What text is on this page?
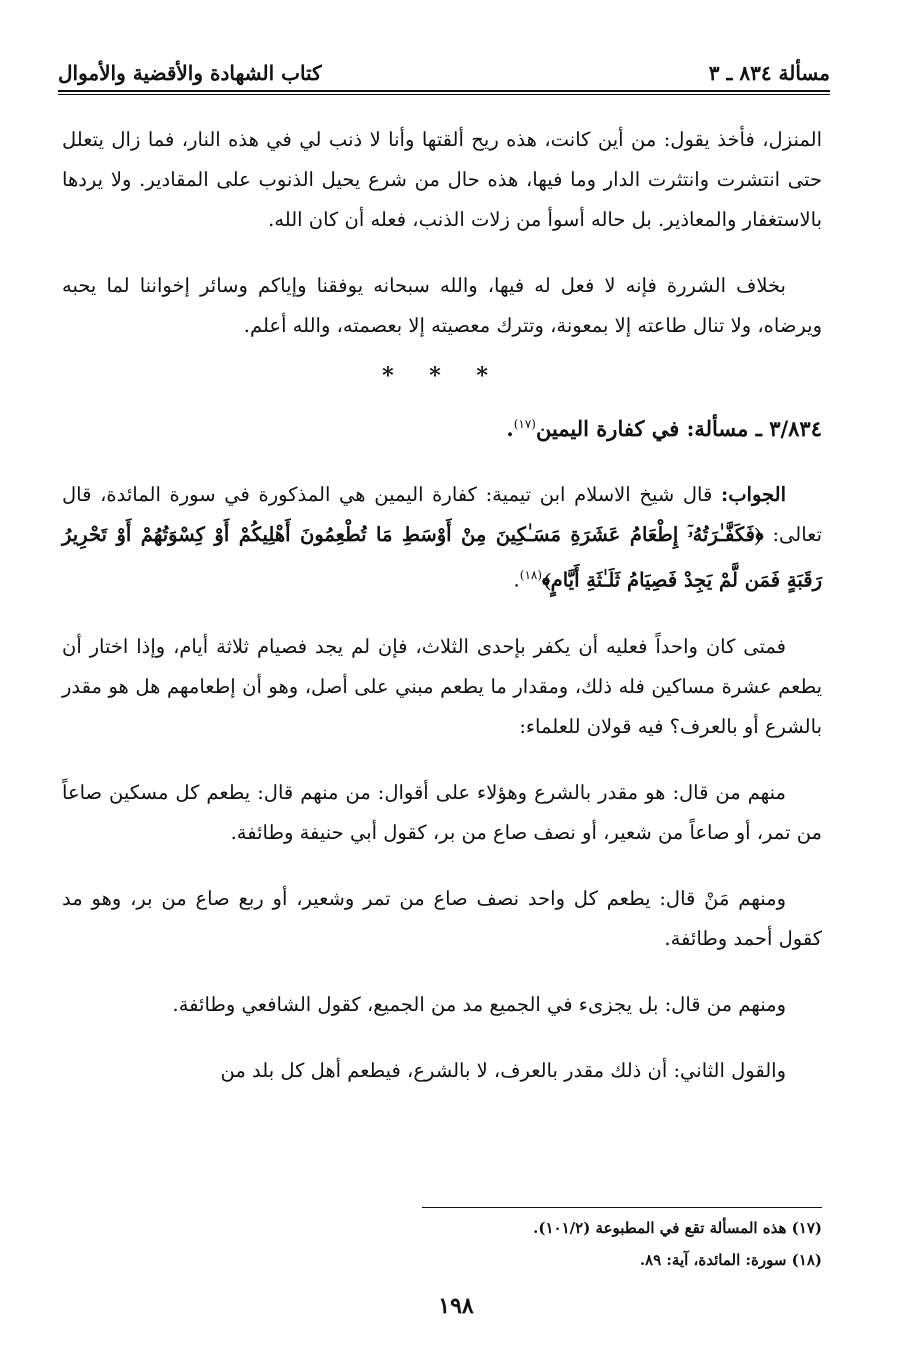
مسألة ٨٣٤ ـ ٣
كتاب الشهادة والأقضية والأموال

المنزل، فأخذ يقول: من أين كانت، هذه ريح ألقتها وأنا لا ذنب لي في هذه النار، فما زال يتعلل حتى انتشرت وانتثرت الدار وما فيها، هذه حال من شرع يحيل الذنوب على المقادير. ولا يردها بالاستغفار والمعاذير. بل حاله أسوأ من زلات الذنب، فعله أن كان الله.

بخلاف الشررة فإنه لا فعل له فيها، والله سبحانه يوفقنا وإياكم وسائر إخواننا لما يحبه ويرضاه، ولا تنال طاعته إلا بمعونة، وتترك معصيته إلا بعصمته، والله أعلم.

* * *
٣/٨٣٤ ـ مسألة: في كفارة اليمين$^{(١٧)}$.

الجواب: قال شيخ الاسلام ابن تيمية: كفارة اليمين هي المذكورة في سورة المائدة، قال تعالى: ﴿فَكَفَّـٰرَتُهُۥٓ إِطْعَامُ عَشَرَةِ مَسَـٰكِينَ مِنْ أَوْسَطِ مَا تُطْعِمُونَ أَهْلِيكُمْ أَوْ كِسْوَتُهُمْ أَوْ تَحْرِيرُ رَقَبَةٍ فَمَن لَّمْ يَجِدْ فَصِيَامُ ثَلَـٰثَةِ أَيَّامٍ﴾$^{(١٨)}$.

فمتى كان واحداً فعليه أن يكفر بإحدى الثلاث، فإن لم يجد فصيام ثلاثة أيام، وإذا اختار أن يطعم عشرة مساكين فله ذلك، ومقدار ما يطعم مبني على أصل، وهو أن إطعامهم هل هو مقدر بالشرع أو بالعرف؟ فيه قولان للعلماء:

منهم من قال: هو مقدر بالشرع وهؤلاء على أقوال: من منهم قال: يطعم كل مسكين صاعاً من تمر، أو صاعاً من شعير، أو نصف صاع من بر، كقول أبي حنيفة وطائفة.

ومنهم مَنْ قال: يطعم كل واحد نصف صاع من تمر وشعير، أو ربع صاع من بر، وهو مد كقول أحمد وطائفة.

ومنهم من قال: بل يجزىء في الجميع مد من الجميع، كقول الشافعي وطائفة.

والقول الثاني: أن ذلك مقدر بالعرف، لا بالشرع، فيطعم أهل كل بلد من

(١٧) هذه المسألة تقع في المطبوعة (١٠١/٢).
(١٨) سورة: المائدة، آية: ٨٩.
١٩٨
